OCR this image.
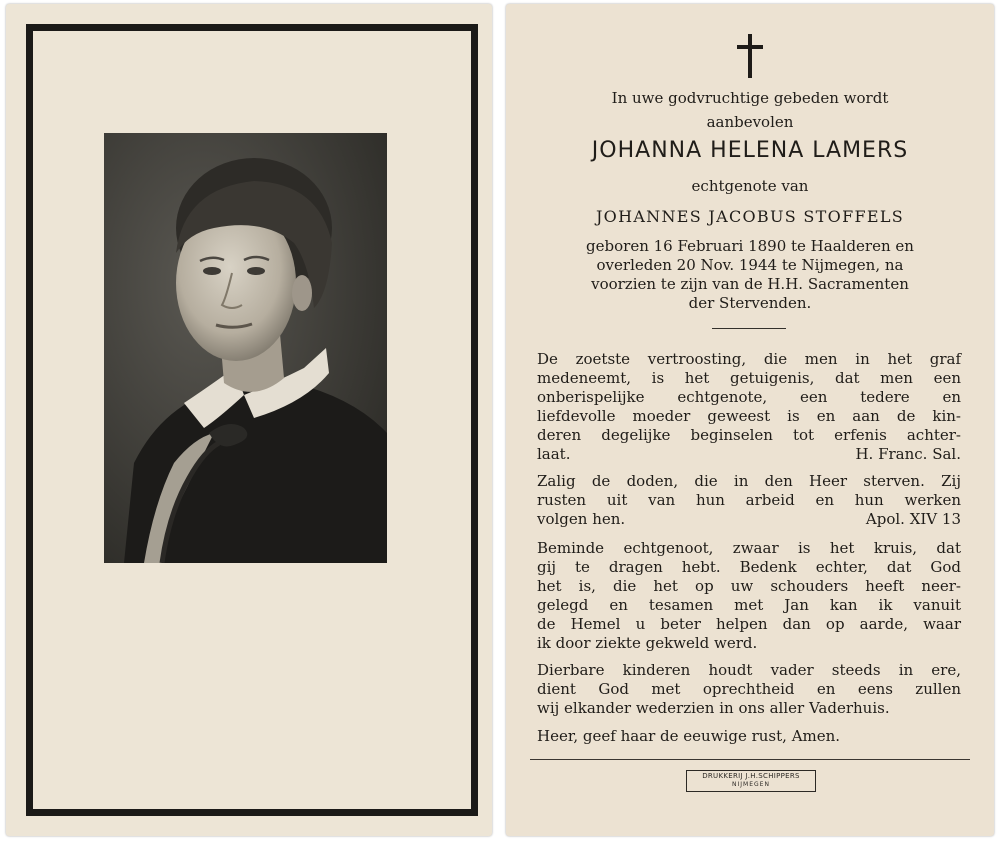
In uwe godvruchtige gebeden wordt
aanbevolen
JOHANNA HELENA LAMERS
echtgenote van
JOHANNES JACOBUS STOFFELS
geboren 16 Februari 1890 te Haalderen en
overleden 20 Nov. 1944 te Nijmegen, na
voorzien te zijn van de H.H. Sacramenten
der Stervenden.
De zoetste vertroosting, die men in het graf
medeneemt, is het getuigenis, dat men een
onberispelijke echtgenote, een tedere en
liefdevolle moeder geweest is en aan de kin-
deren degelijke beginselen tot erfenis achter-
laat.	H. Franc. Sal.
Zalig de doden, die in den Heer sterven. Zij
rusten uit van hun arbeid en hun werken
volgen hen.	Apol. XIV 13
Beminde echtgenoot, zwaar is het kruis, dat
gij te dragen hebt. Bedenk echter, dat God
het is, die het op uw schouders heeft neer-
gelegd en tesamen met Jan kan ik vanuit
de Hemel u beter helpen dan op aarde, waar
ik door ziekte gekweld werd.
Dierbare kinderen houdt vader steeds in ere,
dient God met oprechtheid en eens zullen
wij elkander wederzien in ons aller Vaderhuis.
Heer, geef haar de eeuwige rust, Amen.
DRUKKERIJ J.H.SCHIPPERS
NIJMEGEN
